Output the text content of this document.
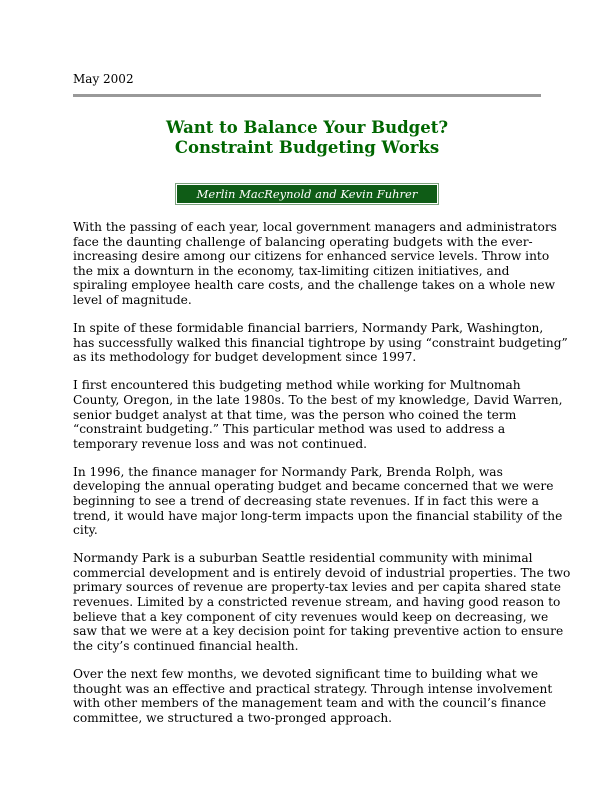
May 2002
Want to Balance Your Budget?
Constraint Budgeting Works
Merlin MacReynold and Kevin Fuhrer

With the passing of each year, local government managers and administrators
face the daunting challenge of balancing operating budgets with the ever-
increasing desire among our citizens for enhanced service levels. Throw into
the mix a downturn in the economy, tax-limiting citizen initiatives, and
spiraling employee health care costs, and the challenge takes on a whole new
level of magnitude.

In spite of these formidable financial barriers, Normandy Park, Washington,
has successfully walked this financial tightrope by using “constraint budgeting”
as its methodology for budget development since 1997.

I first encountered this budgeting method while working for Multnomah
County, Oregon, in the late 1980s. To the best of my knowledge, David Warren,
senior budget analyst at that time, was the person who coined the term
“constraint budgeting.” This particular method was used to address a
temporary revenue loss and was not continued.

In 1996, the finance manager for Normandy Park, Brenda Rolph, was
developing the annual operating budget and became concerned that we were
beginning to see a trend of decreasing state revenues. If in fact this were a
trend, it would have major long-term impacts upon the financial stability of the
city.

Normandy Park is a suburban Seattle residential community with minimal
commercial development and is entirely devoid of industrial properties. The two
primary sources of revenue are property-tax levies and per capita shared state
revenues. Limited by a constricted revenue stream, and having good reason to
believe that a key component of city revenues would keep on decreasing, we
saw that we were at a key decision point for taking preventive action to ensure
the city’s continued financial health.

Over the next few months, we devoted significant time to building what we
thought was an effective and practical strategy. Through intense involvement
with other members of the management team and with the council’s finance
committee, we structured a two-pronged approach.
